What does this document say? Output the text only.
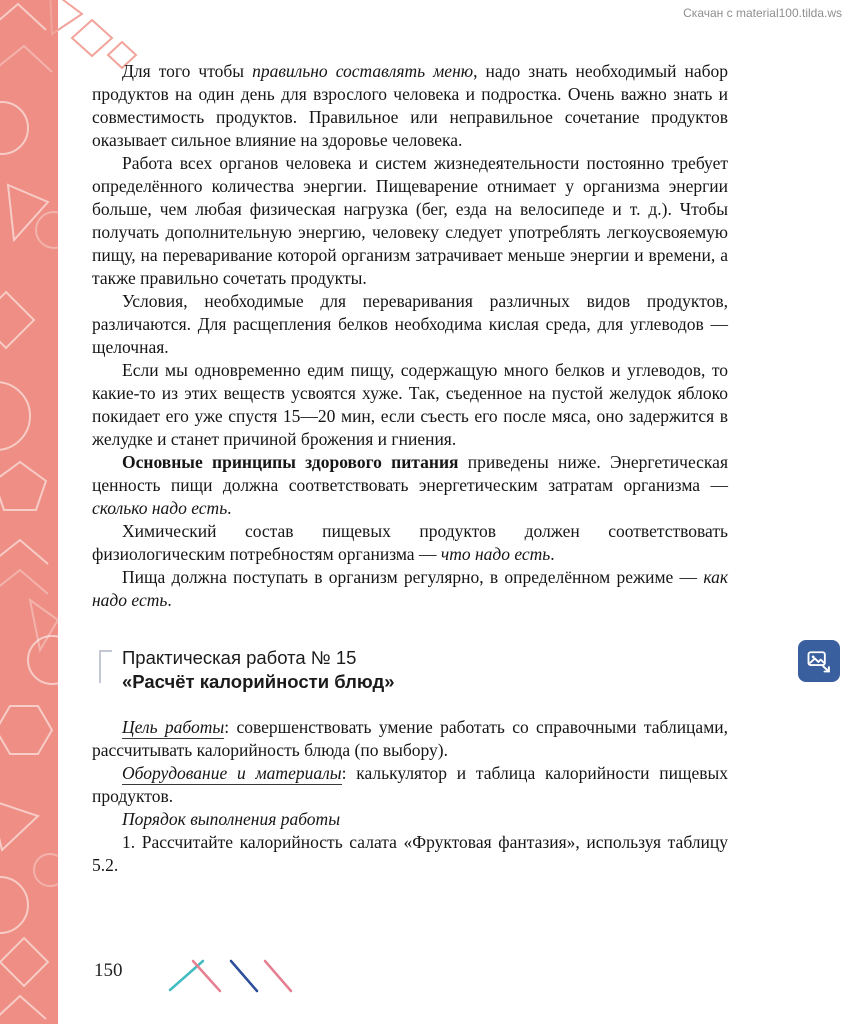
Скачан с material100.tilda.ws

Для того чтобы правильно составлять меню, надо знать необходимый набор продуктов на один день для взрослого человека и подростка. Очень важно знать и совместимость продуктов. Правильное или неправильное сочетание продуктов оказывает сильное влияние на здоровье человека.

Работа всех органов человека и систем жизнедеятельности постоянно требует определённого количества энергии. Пищеварение отнимает у организма энергии больше, чем любая физическая нагрузка (бег, езда на велосипеде и т. д.). Чтобы получать дополнительную энергию, человеку следует употреблять легкоусвояемую пищу, на переваривание которой организм затрачивает меньше энергии и времени, а также правильно сочетать продукты.

Условия, необходимые для переваривания различных видов продуктов, различаются. Для расщепления белков необходима кислая среда, для углеводов — щелочная.

Если мы одновременно едим пищу, содержащую много белков и углеводов, то какие-то из этих веществ усвоятся хуже. Так, съеденное на пустой желудок яблоко покидает его уже спустя 15—20 мин, если съесть его после мяса, оно задержится в желудке и станет причиной брожения и гниения.

Основные принципы здорового питания приведены ниже. Энергетическая ценность пищи должна соответствовать энергетическим затратам организма — сколько надо есть.

Химический состав пищевых продуктов должен соответствовать физиологическим потребностям организма — что надо есть.

Пища должна поступать в организм регулярно, в определённом режиме — как надо есть.

Практическая работа № 15
«Расчёт калорийности блюд»

Цель работы: совершенствовать умение работать со справочными таблицами, рассчитывать калорийность блюда (по выбору).

Оборудование и материалы: калькулятор и таблица калорийности пищевых продуктов.

Порядок выполнения работы

1. Рассчитайте калорийность салата «Фруктовая фантазия», используя таблицу 5.2.

150
